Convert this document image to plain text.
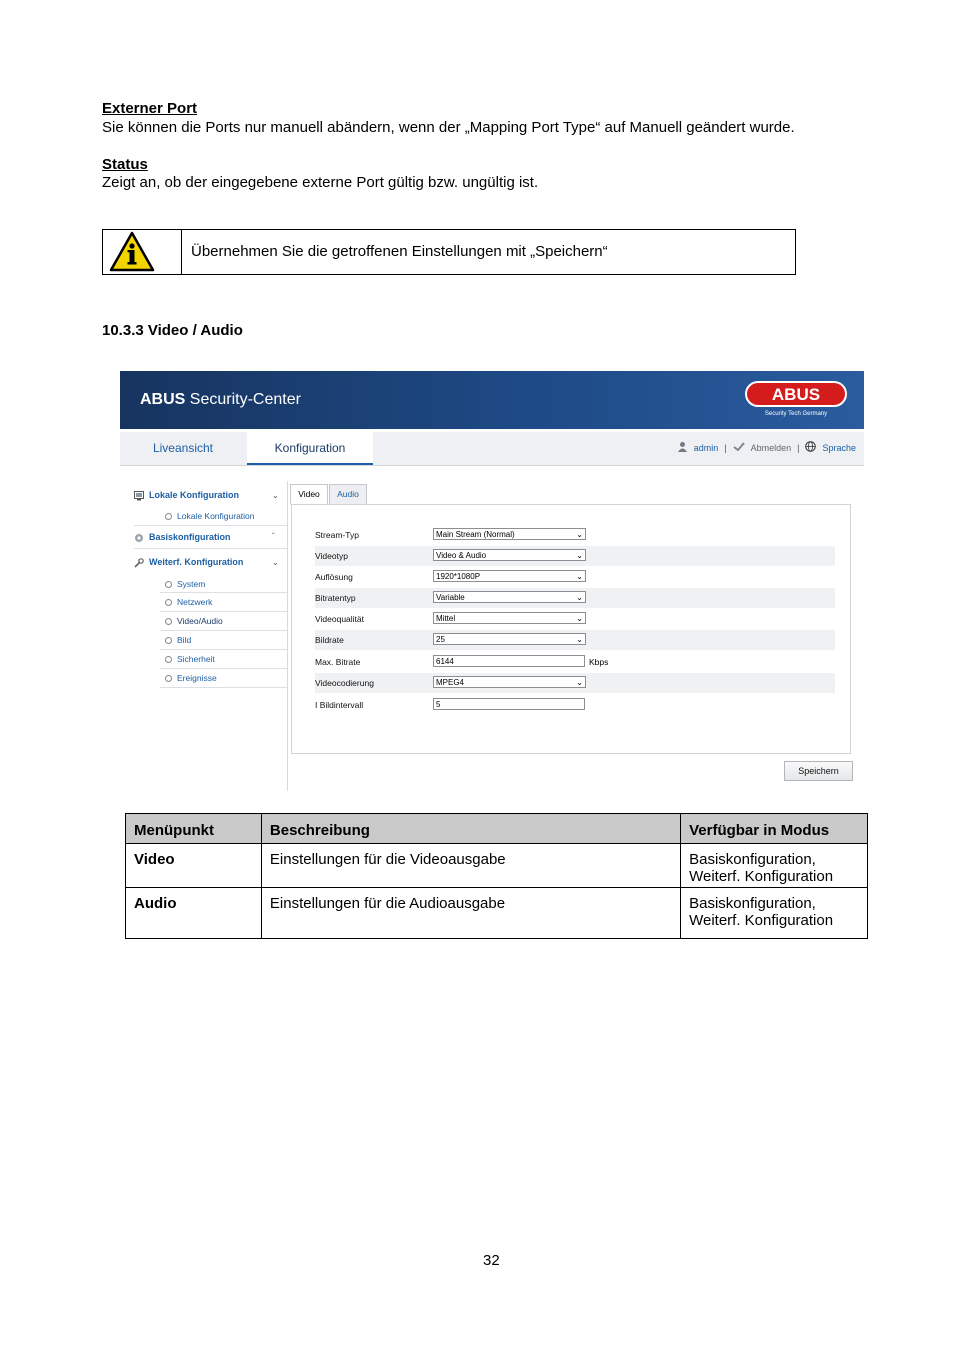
Externer Port
Sie können die Ports nur manuell abändern, wenn der „Mapping Port Type“ auf Manuell geändert wurde.
Status
Zeigt an, ob der eingegebene externe Port gültig bzw. ungültig ist.
Übernehmen Sie die getroffenen Einstellungen mit „Speichern“
10.3.3 Video / Audio
ABUS Security-Center	ABUS
Security Tech Germany
Liveansicht	Konfiguration	admin |	Abmelden |	Sprache
Lokale Konfiguration	⌄
Lokale Konfiguration
Basiskonfiguration	ˆ
Weiterf. Konfiguration	⌄
System
Netzwerk
Video/Audio
Bild
Sicherheit
Ereignisse
Video	Audio
Stream-Typ	Main Stream (Normal)	⌄
Videotyp	Video & Audio	⌄
Auflösung	1920*1080P	⌄
Bitratentyp	Variable	⌄
Videoqualität	Mittel	⌄
Bildrate	25	⌄
Max. Bitrate	6144	Kbps
Videocodierung	MPEG4	⌄
I Bildintervall	5
Speichern
Menüpunkt	Beschreibung	Verfügbar in Modus
Video	Einstellungen für die Videoausgabe	Basiskonfiguration,
Weiterf. Konfiguration

Audio	Einstellungen für die Audioausgabe	Basiskonfiguration,
Weiterf. Konfiguration
32
